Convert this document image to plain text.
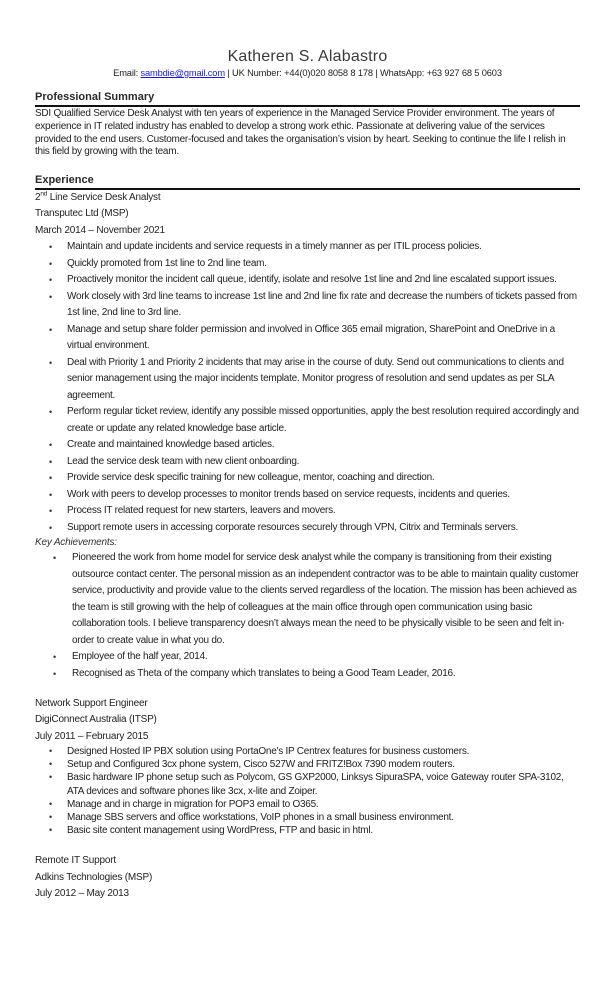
Katheren S. Alabastro
Email: sambdie@gmail.com | UK Number: +44(0)020 8058 8 178 | WhatsApp: +63 927 68 5 0603
Professional Summary
SDI Qualified Service Desk Analyst with ten years of experience in the Managed Service Provider environment. The years of experience in IT related industry has enabled to develop a strong work ethic. Passionate at delivering value of the services provided to the end users. Customer-focused and takes the organisation’s vision by heart. Seeking to continue the life I relish in this field by growing with the team.
Experience
2nd Line Service Desk Analyst
Transputec Ltd (MSP)
March 2014 – November 2021
• Maintain and update incidents and service requests in a timely manner as per ITIL process policies.
• Quickly promoted from 1st line to 2nd line team.
• Proactively monitor the incident call queue, identify, isolate and resolve 1st line and 2nd line escalated support issues.
• Work closely with 3rd line teams to increase 1st line and 2nd line fix rate and decrease the numbers of tickets passed from 1st line, 2nd line to 3rd line.
• Manage and setup share folder permission and involved in Office 365 email migration, SharePoint and OneDrive in a virtual environment.
• Deal with Priority 1 and Priority 2 incidents that may arise in the course of duty. Send out communications to clients and senior management using the major incidents template. Monitor progress of resolution and send updates as per SLA agreement.
• Perform regular ticket review, identify any possible missed opportunities, apply the best resolution required accordingly and create or update any related knowledge base article.
• Create and maintained knowledge based articles.
• Lead the service desk team with new client onboarding.
• Provide service desk specific training for new colleague, mentor, coaching and direction.
• Work with peers to develop processes to monitor trends based on service requests, incidents and queries.
• Process IT related request for new starters, leavers and movers.
• Support remote users in accessing corporate resources securely through VPN, Citrix and Terminals servers.
Key Achievements:
• Pioneered the work from home model for service desk analyst while the company is transitioning from their existing outsource contact center. The personal mission as an independent contractor was to be able to maintain quality customer service, productivity and provide value to the clients served regardless of the location. The mission has been achieved as the team is still growing with the help of colleagues at the main office through open communication using basic collaboration tools. I believe transparency doesn’t always mean the need to be physically visible to be seen and felt in-order to create value in what you do.
• Employee of the half year, 2014.
• Recognised as Theta of the company which translates to being a Good Team Leader, 2016.
Network Support Engineer
DigiConnect Australia (ITSP)
July 2011 – February 2015
• Designed Hosted IP PBX solution using PortaOne's IP Centrex features for business customers.
• Setup and Configured 3cx phone system, Cisco 527W and FRITZ!Box 7390 modem routers.
• Basic hardware IP phone setup such as Polycom, GS GXP2000, Linksys SipuraSPA, voice Gateway router SPA-3102, ATA devices and software phones like 3cx, x-lite and Zoiper.
• Manage and in charge in migration for POP3 email to O365.
• Manage SBS servers and office workstations, VoIP phones in a small business environment.
• Basic site content management using WordPress, FTP and basic in html.
Remote IT Support
Adkins Technologies (MSP)
July 2012 – May 2013
